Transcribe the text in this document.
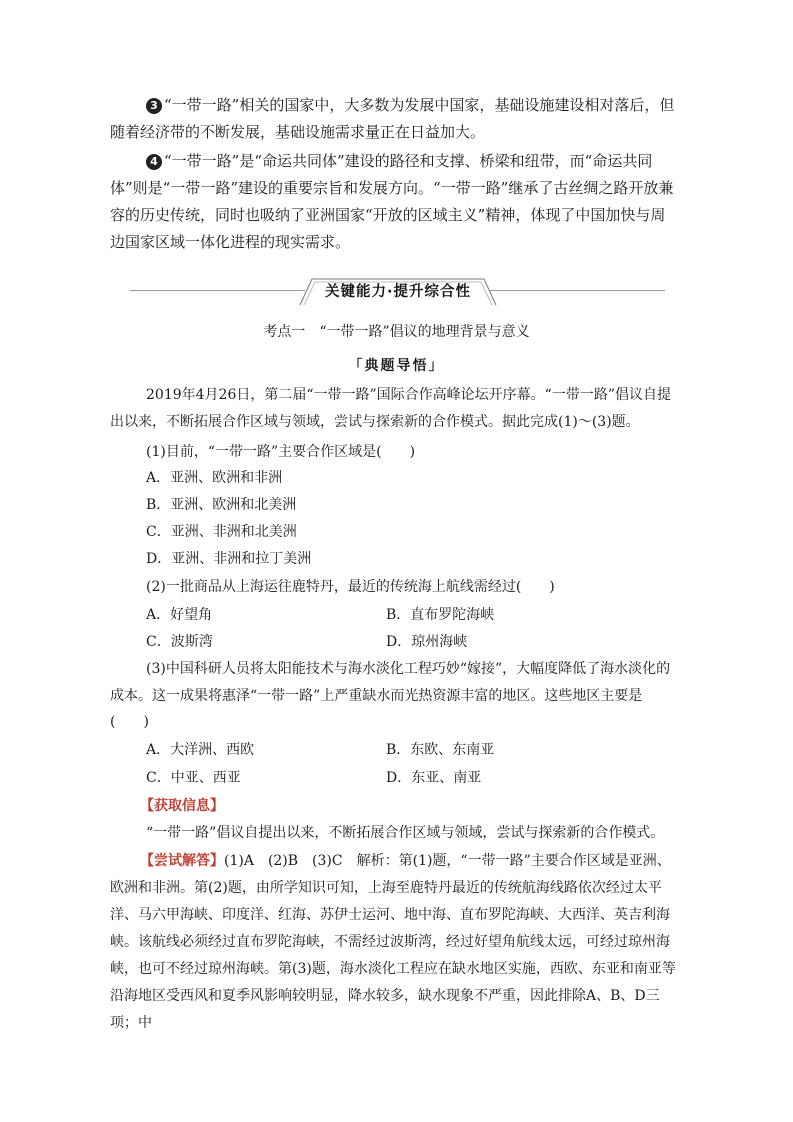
3 “一带一路”相关的国家中，大多数为发展中国家，基础设施建设相对落后，但随着经济带的不断发展，基础设施需求量正在日益加大。

4 “一带一路”是“命运共同体”建设的路径和支撑、桥梁和纽带，而“命运共同体”则是“一带一路”建设的重要宗旨和发展方向。“一带一路”继承了古丝绸之路开放兼容的历史传统，同时也吸纳了亚洲国家“开放的区域主义”精神，体现了中国加快与周边国家区域一体化进程的现实需求。

关键能力·提升综合性
考点一　“一带一路”倡议的地理背景与意义
「典题导悟」

2019年4月26日，第二届“一带一路”国际合作高峰论坛开序幕。“一带一路”倡议自提出以来，不断拓展合作区域与领域，尝试与探索新的合作模式。据此完成(1)～(3)题。

(1)目前，“一带一路”主要合作区域是(　　)

A．亚洲、欧洲和非洲

B．亚洲、欧洲和北美洲

C．亚洲、非洲和北美洲

D．亚洲、非洲和拉丁美洲

(2)一批商品从上海运往鹿特丹，最近的传统海上航线需经过(　　)

A．好望角	B．直布罗陀海峡

C．波斯湾	D．琼州海峡

(3)中国科研人员将太阳能技术与海水淡化工程巧妙“嫁接”，大幅度降低了海水淡化的

成本。这一成果将惠泽“一带一路”上严重缺水而光热资源丰富的地区。这些地区主要是

(　　)

A．大洋洲、西欧	B．东欧、东南亚

C．中亚、西亚	D．东亚、南亚

【获取信息】

“一带一路”倡议自提出以来，不断拓展合作区域与领域，尝试与探索新的合作模式。

【尝试解答】(1)A　(2)B　(3)C　解析：第(1)题，“一带一路”主要合作区域是亚洲、欧洲和非洲。第(2)题，由所学知识可知，上海至鹿特丹最近的传统航海线路依次经过太平洋、马六甲海峡、印度洋、红海、苏伊士运河、地中海、直布罗陀海峡、大西洋、英吉利海峡。该航线必须经过直布罗陀海峡，不需经过波斯湾，经过好望角航线太远，可经过琼州海峡，也可不经过琼州海峡。第(3)题，海水淡化工程应在缺水地区实施，西欧、东亚和南亚等沿海地区受西风和夏季风影响较明显，降水较多，缺水现象不严重，因此排除A、B、D三项；中
